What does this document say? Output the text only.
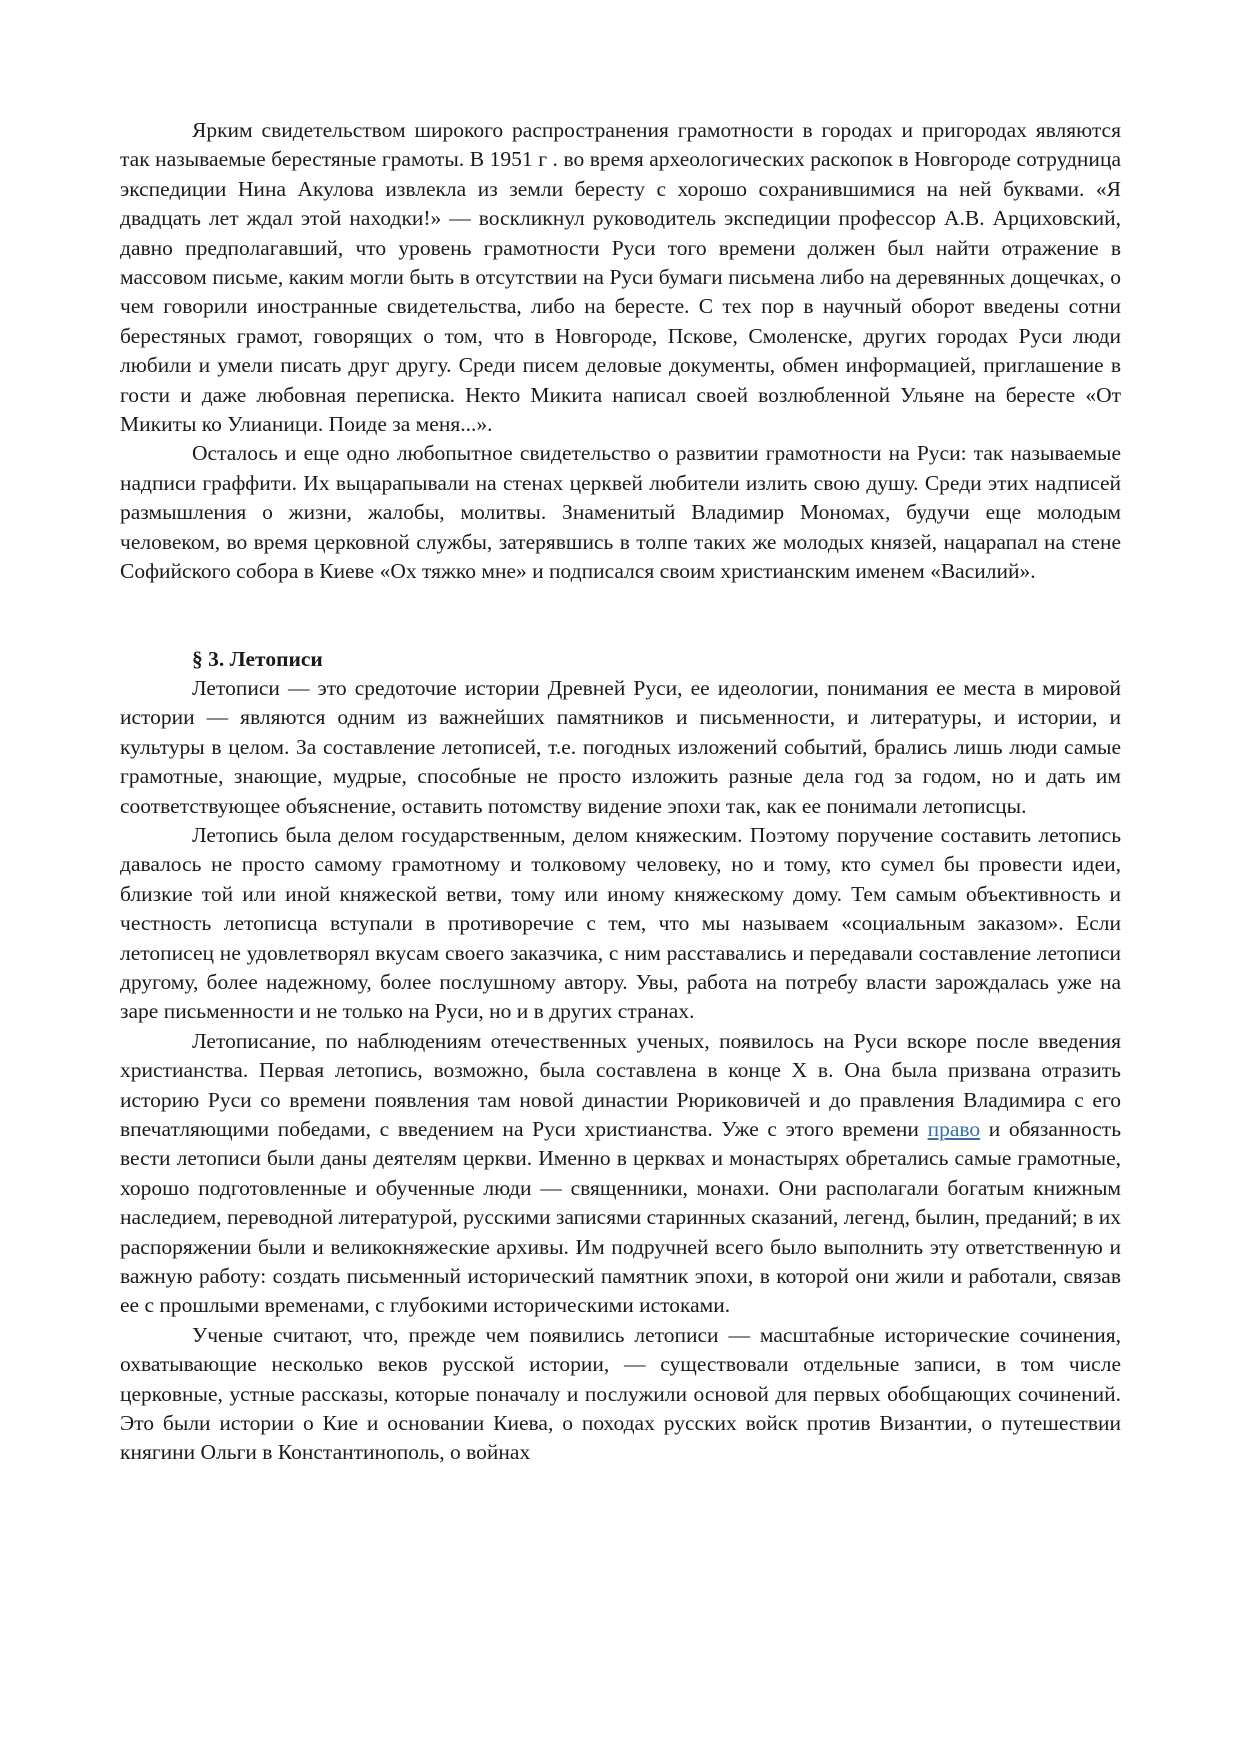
Ярким свидетельством широкого распространения грамотности в городах и пригородах являются так называемые берестяные грамоты. В 1951 г . во время археологических раскопок в Новгороде сотрудница экспедиции Нина Акулова извлекла из земли бересту с хорошо сохранившимися на ней буквами. «Я двадцать лет ждал этой находки!» — воскликнул руководитель экспедиции профессор А.В. Арциховский, давно предполагавший, что уровень грамотности Руси того времени должен был найти отражение в массовом письме, каким могли быть в отсутствии на Руси бумаги письмена либо на деревянных дощечках, о чем говорили иностранные свидетельства, либо на бересте. С тех пор в научный оборот введены сотни берестяных грамот, говорящих о том, что в Новгороде, Пскове, Смоленске, других городах Руси люди любили и умели писать друг другу. Среди писем деловые документы, обмен информацией, приглашение в гости и даже любовная переписка. Некто Микита написал своей возлюбленной Ульяне на бересте «От Микиты ко Улианици. Поиде за меня...».

Осталось и еще одно любопытное свидетельство о развитии грамотности на Руси: так называемые надписи граффити. Их выцарапывали на стенах церквей любители излить свою душу. Среди этих надписей размышления о жизни, жалобы, молитвы. Знаменитый Владимир Мономах, будучи еще молодым человеком, во время церковной службы, затерявшись в толпе таких же молодых князей, нацарапал на стене Софийского собора в Киеве «Ох тяжко мне» и подписался своим христианским именем «Василий».

§ 3. Летописи

Летописи — это средоточие истории Древней Руси, ее идеологии, понимания ее места в мировой истории — являются одним из важнейших памятников и письменности, и литературы, и истории, и культуры в целом. За составление летописей, т.е. погодных изложений событий, брались лишь люди самые грамотные, знающие, мудрые, способные не просто изложить разные дела год за годом, но и дать им соответствующее объяснение, оставить потомству видение эпохи так, как ее понимали летописцы.

Летопись была делом государственным, делом княжеским. Поэтому поручение составить летопись давалось не просто самому грамотному и толковому человеку, но и тому, кто сумел бы провести идеи, близкие той или иной княжеской ветви, тому или иному княжескому дому. Тем самым объективность и честность летописца вступали в противоречие с тем, что мы называем «социальным заказом». Если летописец не удовлетворял вкусам своего заказчика, с ним расставались и передавали составление летописи другому, более надежному, более послушному автору. Увы, работа на потребу власти зарождалась уже на заре письменности и не только на Руси, но и в других странах.

Летописание, по наблюдениям отечественных ученых, появилось на Руси вскоре после введения христианства. Первая летопись, возможно, была составлена в конце X в. Она была призвана отразить историю Руси со времени появления там новой династии Рюриковичей и до правления Владимира с его впечатляющими победами, с введением на Руси христианства. Уже с этого времени право и обязанность вести летописи были даны деятелям церкви. Именно в церквах и монастырях обретались самые грамотные, хорошо подготовленные и обученные люди — священники, монахи. Они располагали богатым книжным наследием, переводной литературой, русскими записями старинных сказаний, легенд, былин, преданий; в их распоряжении были и великокняжеские архивы. Им подручней всего было выполнить эту ответственную и важную работу: создать письменный исторический памятник эпохи, в которой они жили и работали, связав ее с прошлыми временами, с глубокими историческими истоками.

Ученые считают, что, прежде чем появились летописи — масштабные исторические сочинения, охватывающие несколько веков русской истории, — существовали отдельные записи, в том числе церковные, устные рассказы, которые поначалу и послужили основой для первых обобщающих сочинений. Это были истории о Кие и основании Киева, о походах русских войск против Византии, о путешествии княгини Ольги в Константинополь, о войнах
